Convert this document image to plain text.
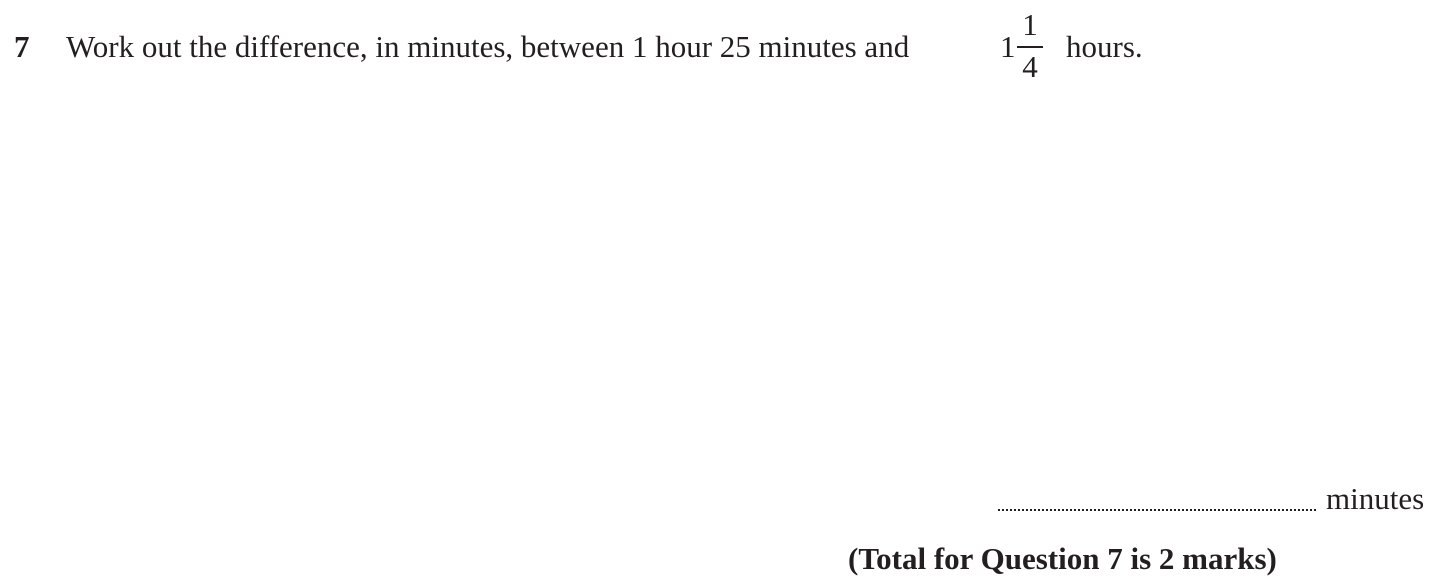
7 Work out the difference, in minutes, between 1 hour 25 minutes and	1
1
4
hours.
minutes
(Total for Question 7 is 2 marks)
